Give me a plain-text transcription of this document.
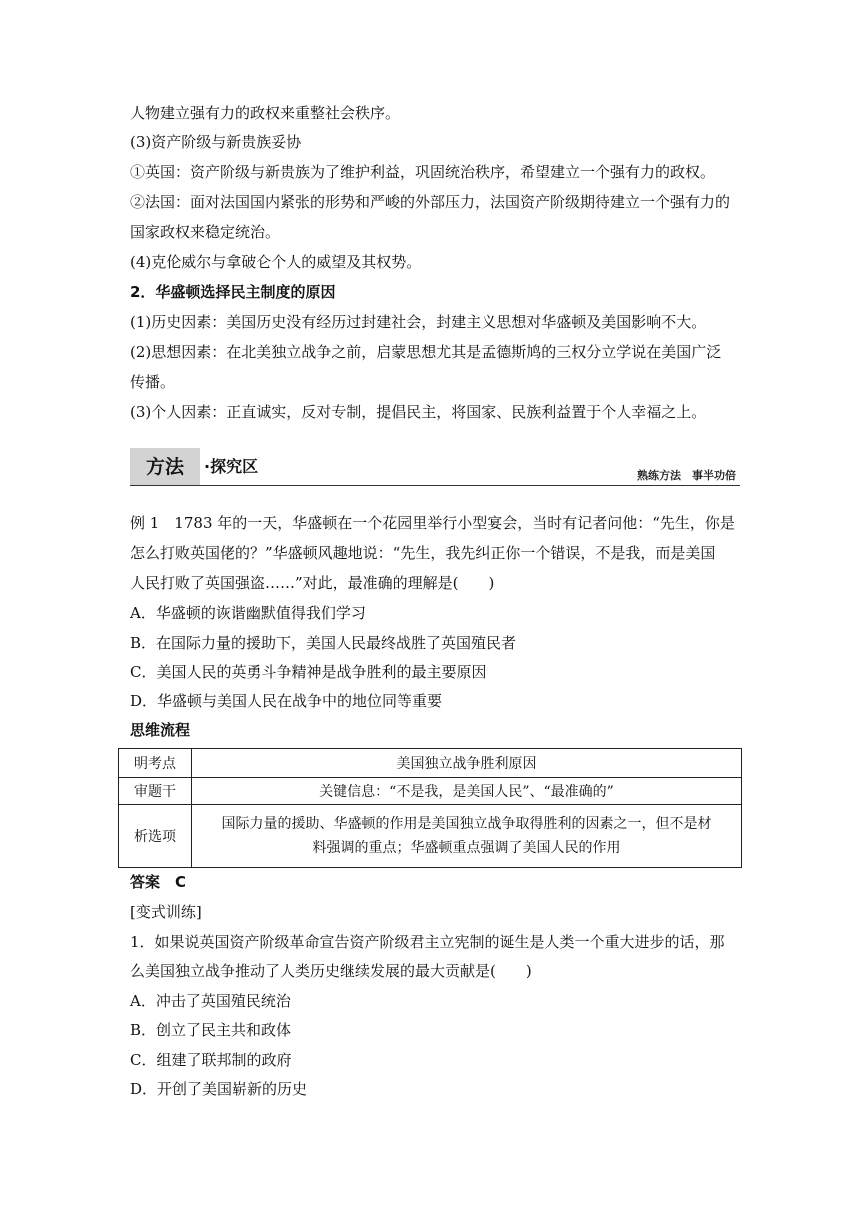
人物建立强有力的政权来重整社会秩序。
(3)资产阶级与新贵族妥协
①英国：资产阶级与新贵族为了维护利益，巩固统治秩序，希望建立一个强有力的政权。
②法国：面对法国国内紧张的形势和严峻的外部压力，法国资产阶级期待建立一个强有力的
国家政权来稳定统治。
(4)克伦威尔与拿破仑个人的威望及其权势。
2．华盛顿选择民主制度的原因
(1)历史因素：美国历史没有经历过封建社会，封建主义思想对华盛顿及美国影响不大。
(2)思想因素：在北美独立战争之前，启蒙思想尤其是孟德斯鸠的三权分立学说在美国广泛
传播。
(3)个人因素：正直诚实，反对专制，提倡民主，将国家、民族利益置于个人幸福之上。
方法	·探究区	熟练方法　事半功倍
例 1　1783 年的一天，华盛顿在一个花园里举行小型宴会，当时有记者问他：“先生，你是
怎么打败英国佬的？”华盛顿风趣地说：“先生，我先纠正你一个错误，不是我，而是美国
人民打败了英国强盗……”对此，最准确的理解是(　　)
A．华盛顿的诙谐幽默值得我们学习
B．在国际力量的援助下，美国人民最终战胜了英国殖民者
C．美国人民的英勇斗争精神是战争胜利的最主要原因
D．华盛顿与美国人民在战争中的地位同等重要
思维流程
明考点	美国独立战争胜利原因
审题干	关键信息：“不是我，是美国人民”、“最准确的”
析选项	国际力量的援助、华盛顿的作用是美国独立战争取得胜利的因素之一，但不是材
料强调的重点；华盛顿重点强调了美国人民的作用
答案　C
[变式训练]
1．如果说英国资产阶级革命宣告资产阶级君主立宪制的诞生是人类一个重大进步的话，那
么美国独立战争推动了人类历史继续发展的最大贡献是(　　)
A．冲击了英国殖民统治
B．创立了民主共和政体
C．组建了联邦制的政府
D．开创了美国崭新的历史
